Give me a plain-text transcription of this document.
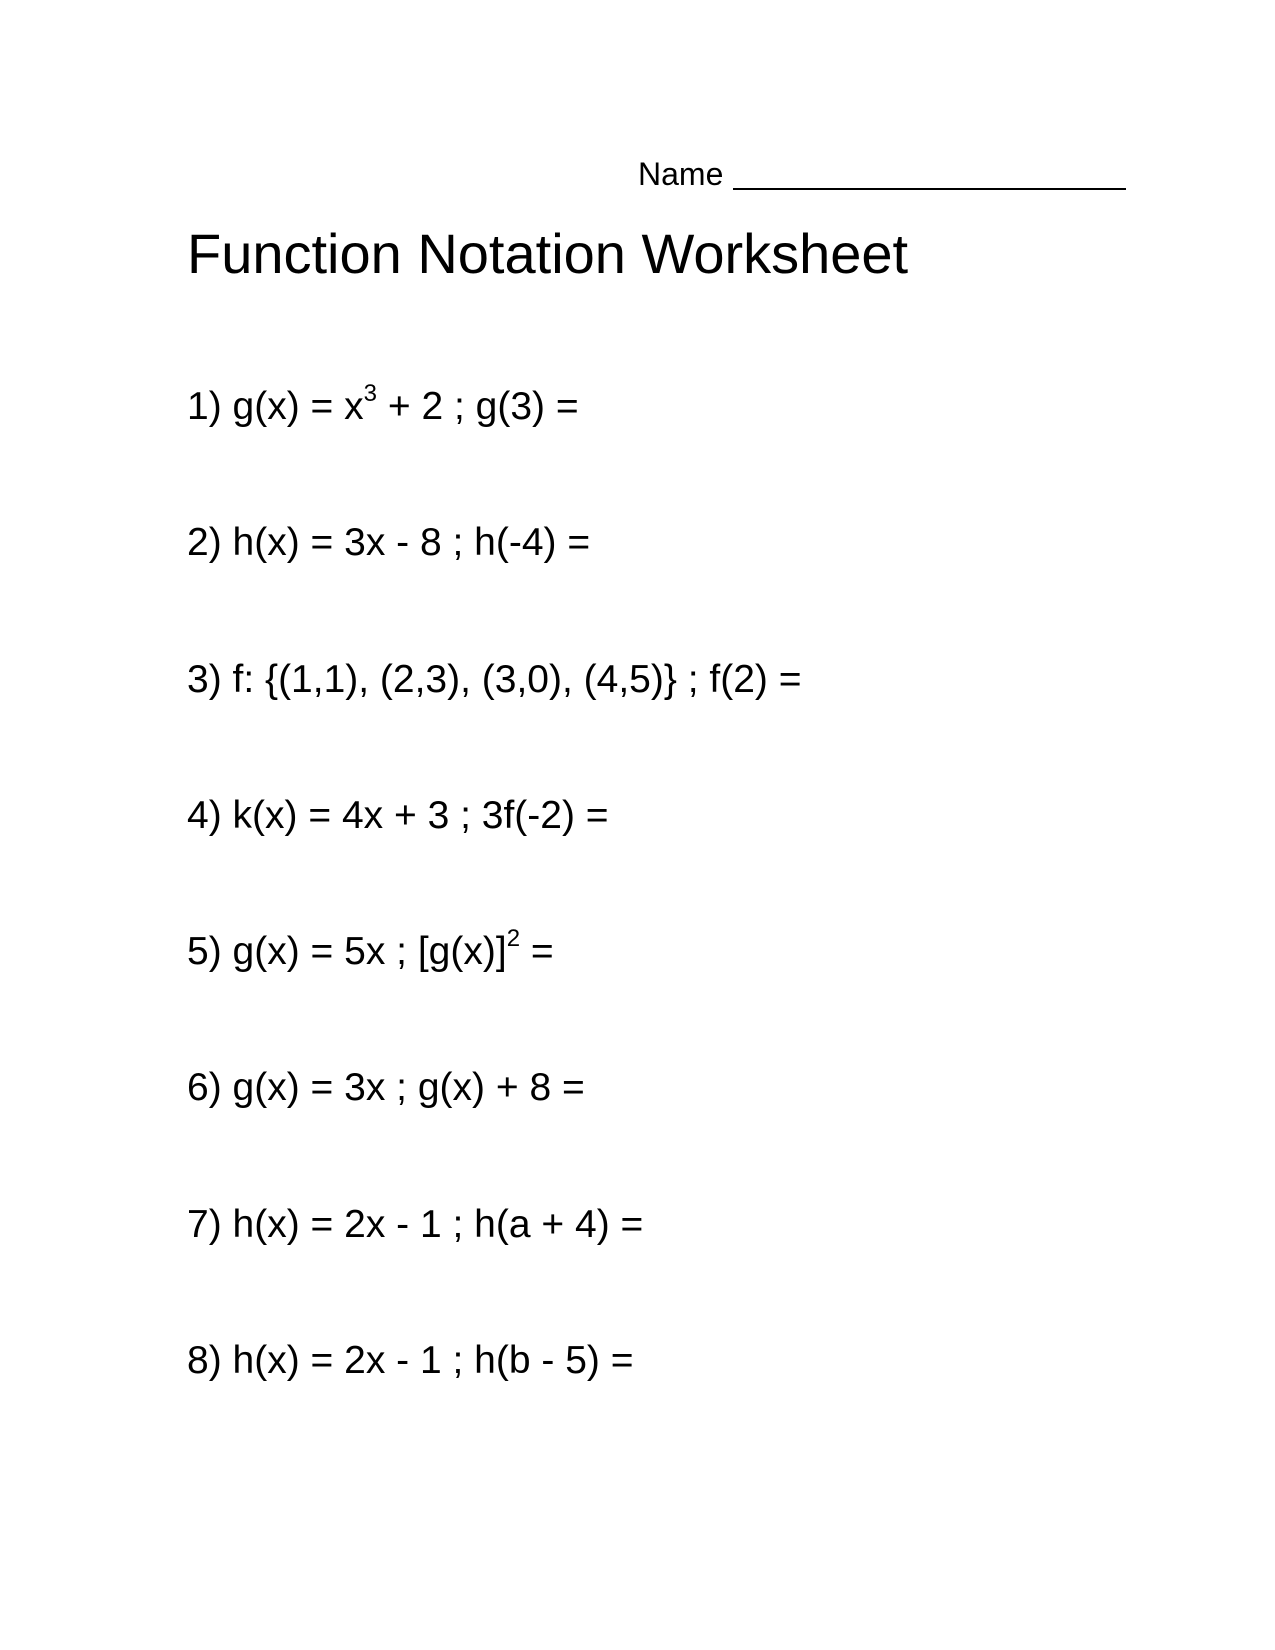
Name
Function Notation Worksheet
1) $g(x) = x^3 + 2$ ; g(3) =
2) h(x) = 3x - 8 ; h(-4) =
3) f: {(1,1), (2,3), (3,0), (4,5)} ; f(2) =
4) k(x) = 4x + 3 ; 3f(-2) =
5) g(x) = 5x ; $[g(x)]^2$ =
6) g(x) = 3x ; g(x) + 8 =
7) h(x) = 2x - 1 ; h(a + 4) =
8) h(x) = 2x - 1 ; h(b - 5) =
